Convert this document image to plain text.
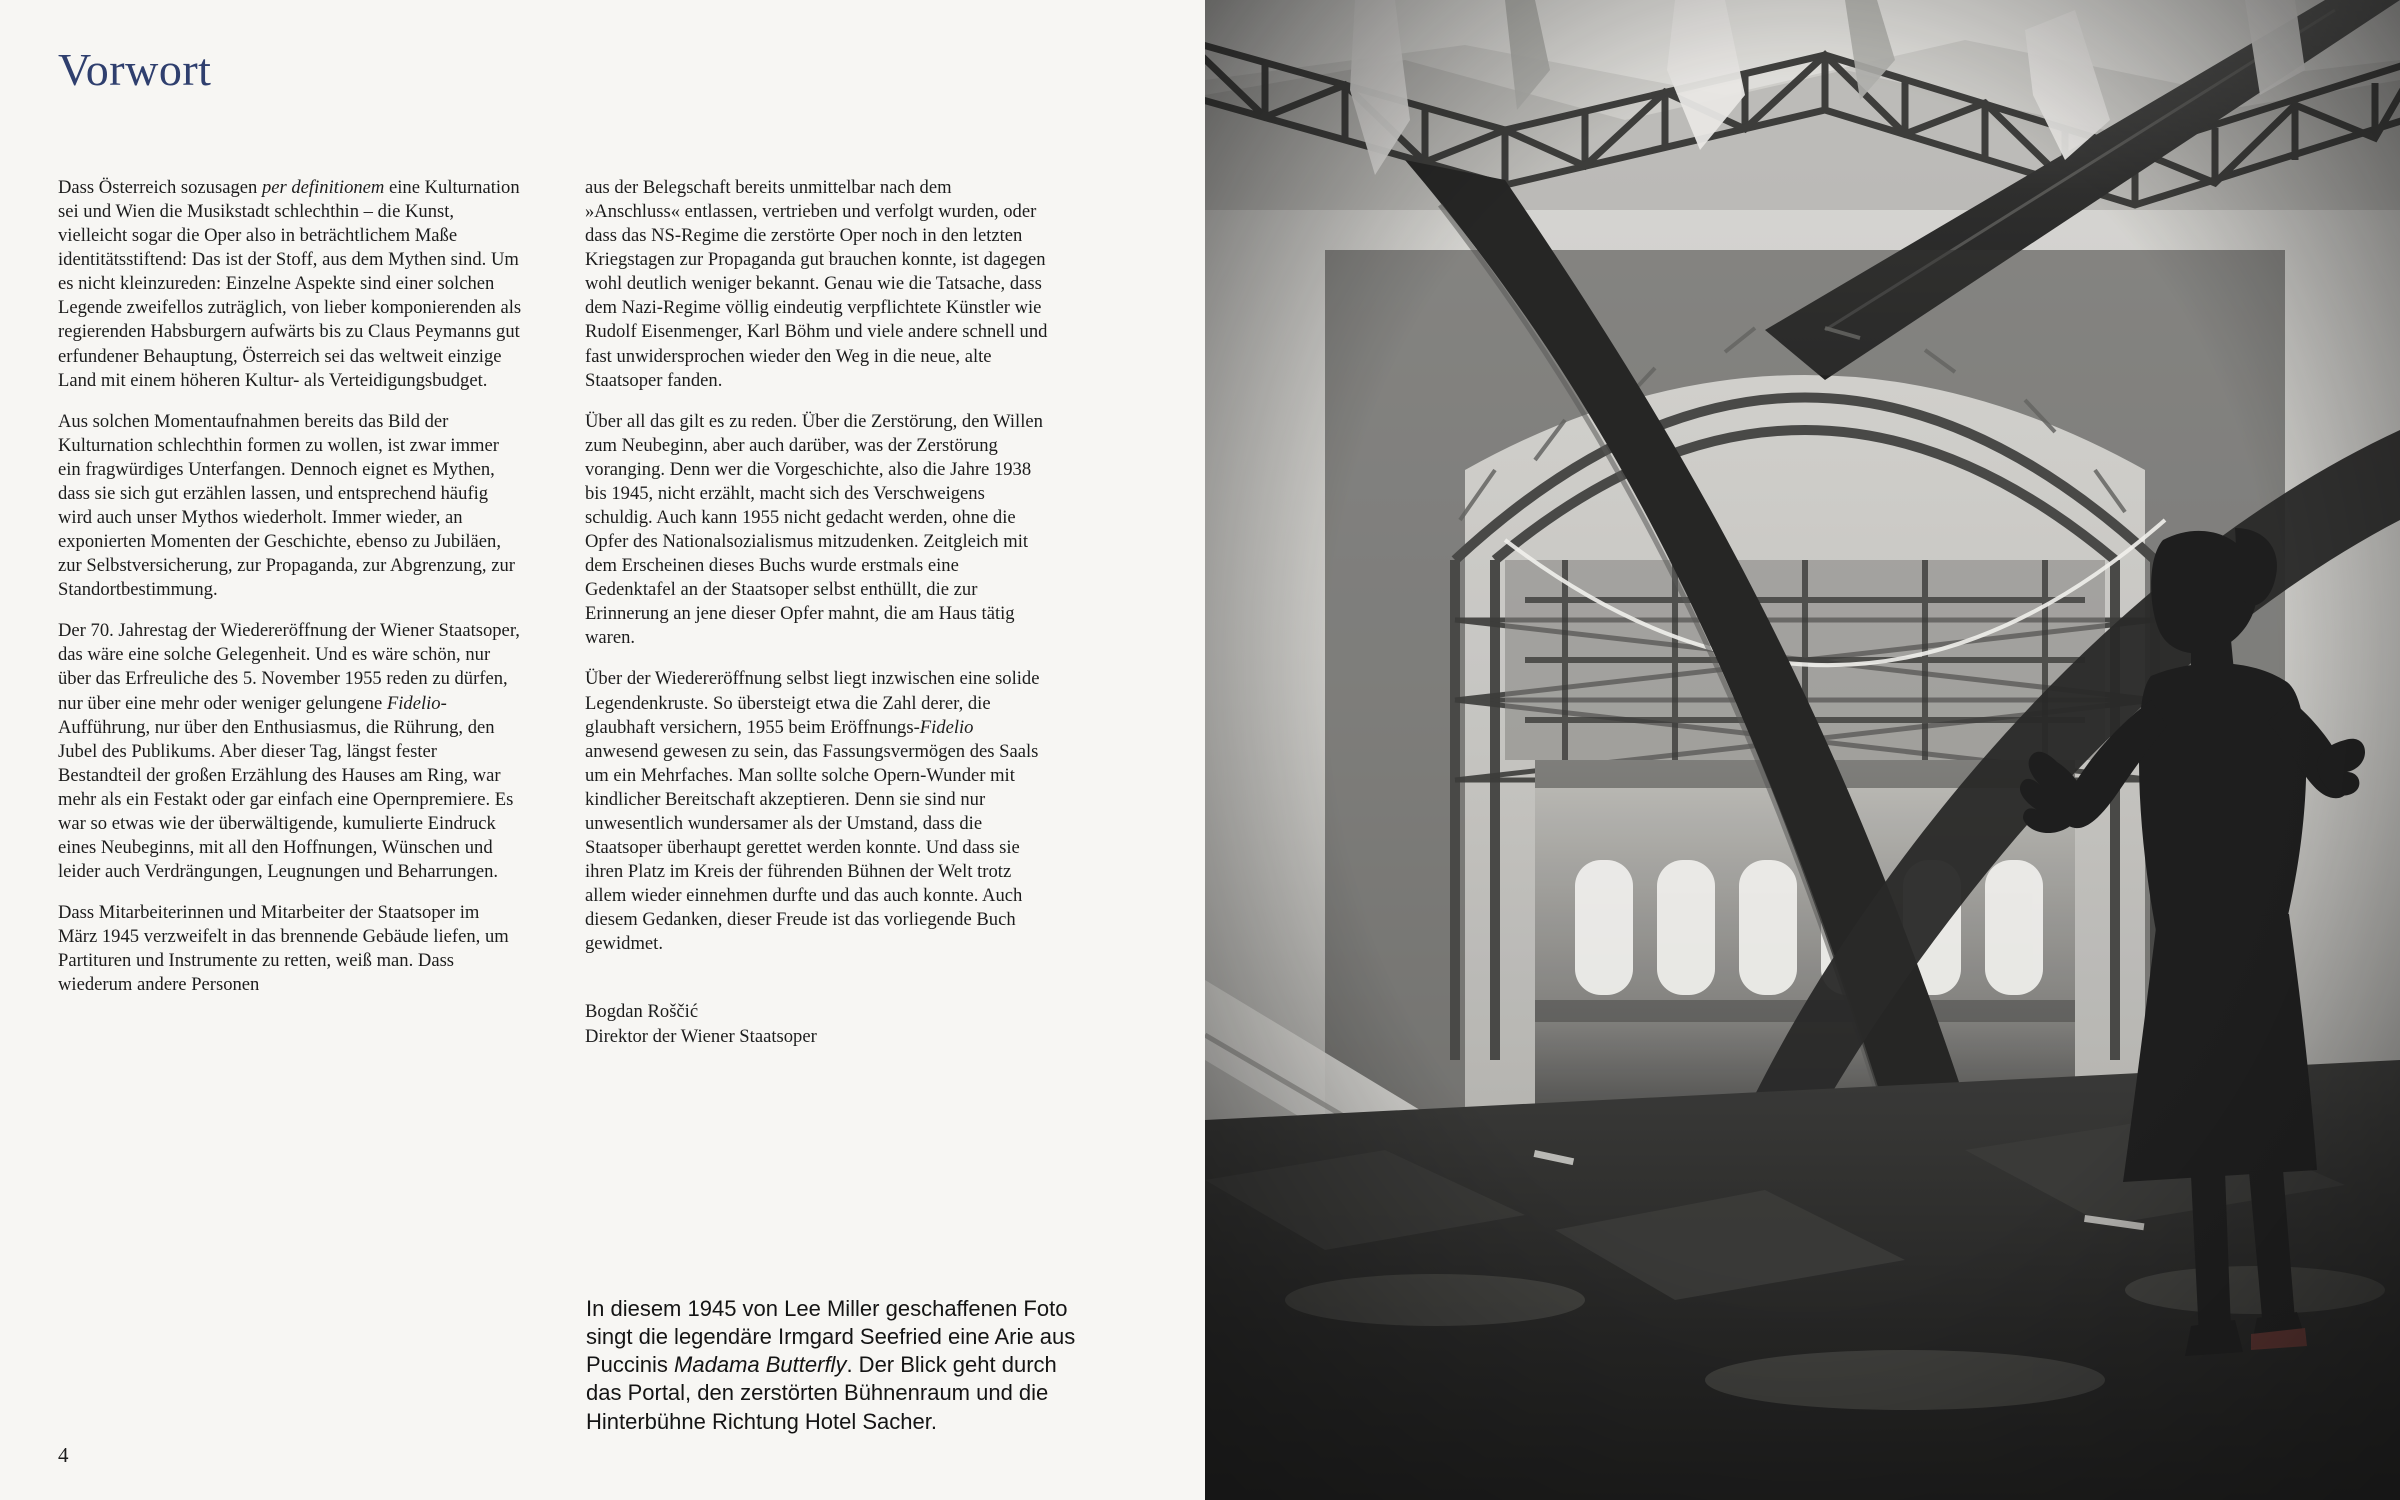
Vorwort

Dass Österreich sozusagen per definitionem eine Kulturnation sei und Wien die Musikstadt schlechthin – die Kunst, vielleicht sogar die Oper also in beträchtlichem Maße identitätsstiftend: Das ist der Stoff, aus dem Mythen sind. Um es nicht kleinzureden: Einzelne Aspekte sind einer solchen Legende zweifellos zuträglich, von lieber komponierenden als regierenden Habsburgern aufwärts bis zu Claus Peymanns gut erfundener Behauptung, Österreich sei das weltweit einzige Land mit einem höheren Kultur- als Verteidigungsbudget.

Aus solchen Momentaufnahmen bereits das Bild der Kulturnation schlechthin formen zu wollen, ist zwar immer ein fragwürdiges Unterfangen. Dennoch eignet es Mythen, dass sie sich gut erzählen lassen, und entsprechend häufig wird auch unser Mythos wiederholt. Immer wieder, an exponierten Momenten der Geschichte, ebenso zu Jubiläen, zur Selbstversicherung, zur Propaganda, zur Abgrenzung, zur Standortbestimmung.

Der 70. Jahrestag der Wiedereröffnung der Wiener Staatsoper, das wäre eine solche Gelegenheit. Und es wäre schön, nur über das Erfreuliche des 5. November 1955 reden zu dürfen, nur über eine mehr oder weniger gelungene Fidelio-Aufführung, nur über den Enthusiasmus, die Rührung, den Jubel des Publikums. Aber dieser Tag, längst fester Bestandteil der großen Erzählung des Hauses am Ring, war mehr als ein Festakt oder gar einfach eine Opernpremiere. Es war so etwas wie der überwältigende, kumulierte Eindruck eines Neubeginns, mit all den Hoffnungen, Wünschen und leider auch Verdrängungen, Leugnungen und Beharrungen.

Dass Mitarbeiterinnen und Mitarbeiter der Staatsoper im März 1945 verzweifelt in das brennende Gebäude liefen, um Partituren und Instrumente zu retten, weiß man. Dass wiederum andere Personen

aus der Belegschaft bereits unmittelbar nach dem »Anschluss« entlassen, vertrieben und verfolgt wurden, oder dass das NS-Regime die zerstörte Oper noch in den letzten Kriegstagen zur Propaganda gut brauchen konnte, ist dagegen wohl deutlich weniger bekannt. Genau wie die Tatsache, dass dem Nazi-Regime völlig eindeutig verpflichtete Künstler wie Rudolf Eisenmenger, Karl Böhm und viele andere schnell und fast unwidersprochen wieder den Weg in die neue, alte Staatsoper fanden.

Über all das gilt es zu reden. Über die Zerstörung, den Willen zum Neubeginn, aber auch darüber, was der Zerstörung voranging. Denn wer die Vorgeschichte, also die Jahre 1938 bis 1945, nicht erzählt, macht sich des Verschweigens schuldig. Auch kann 1955 nicht gedacht werden, ohne die Opfer des Nationalsozialismus mitzudenken. Zeitgleich mit dem Erscheinen dieses Buchs wurde erstmals eine Gedenktafel an der Staatsoper selbst enthüllt, die zur Erinnerung an jene dieser Opfer mahnt, die am Haus tätig waren.

Über der Wiedereröffnung selbst liegt inzwischen eine solide Legendenkruste. So übersteigt etwa die Zahl derer, die glaubhaft versichern, 1955 beim Eröffnungs-Fidelio anwesend gewesen zu sein, das Fassungsvermögen des Saals um ein Mehrfaches. Man sollte solche Opern-Wunder mit kindlicher Bereitschaft akzeptieren. Denn sie sind nur unwesentlich wundersamer als der Umstand, dass die Staatsoper überhaupt gerettet werden konnte. Und dass sie ihren Platz im Kreis der führenden Bühnen der Welt trotz allem wieder einnehmen durfte und das auch konnte. Auch diesem Gedanken, dieser Freude ist das vorliegende Buch gewidmet.

Bogdan Roščić
Direktor der Wiener Staatsoper

4
In diesem 1945 von Lee Miller geschaffenen Foto singt die legendäre Irmgard Seefried eine Arie aus Puccinis Madama Butterfly. Der Blick geht durch das Portal, den zerstörten Bühnenraum und die Hinterbühne Richtung Hotel Sacher.
